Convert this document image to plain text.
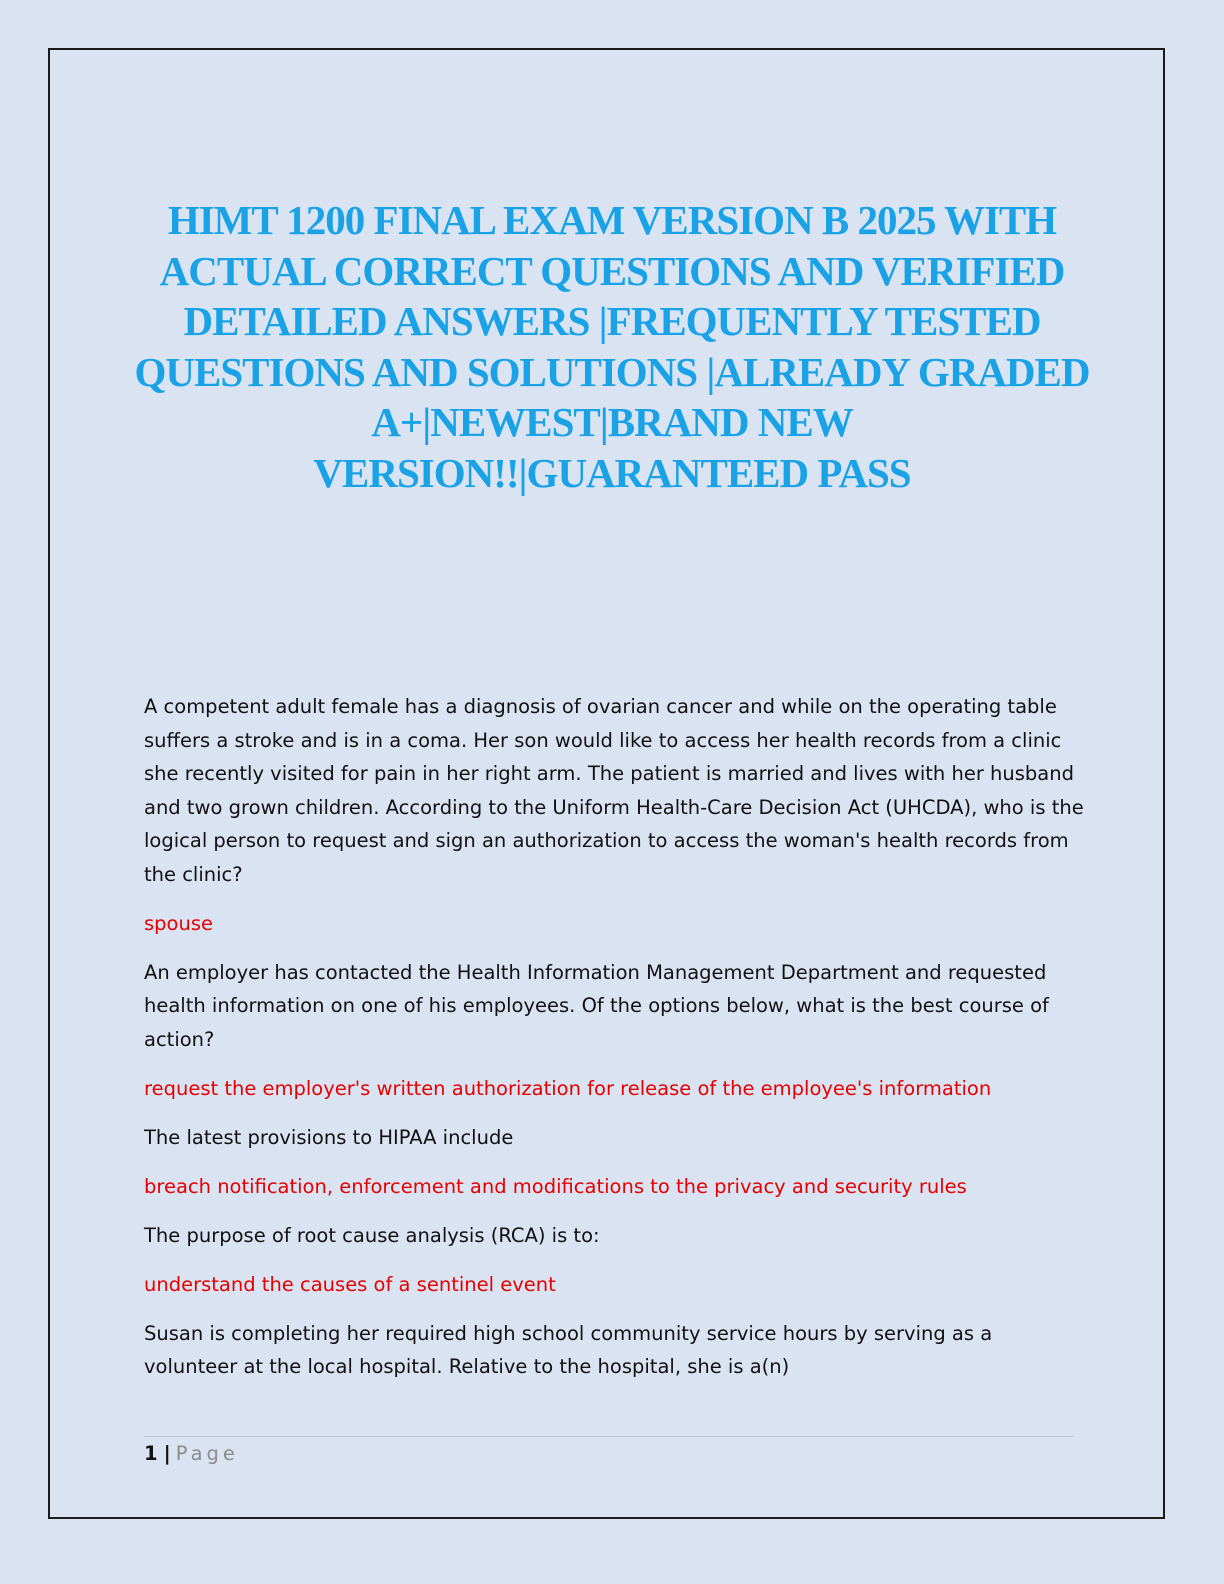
HIMT 1200 FINAL EXAM VERSION B 2025 WITH ACTUAL CORRECT QUESTIONS AND VERIFIED DETAILED ANSWERS |FREQUENTLY TESTED QUESTIONS AND SOLUTIONS |ALREADY GRADED A+|NEWEST|BRAND NEW VERSION!!|GUARANTEED PASS

A competent adult female has a diagnosis of ovarian cancer and while on the operating table suffers a stroke and is in a coma. Her son would like to access her health records from a clinic she recently visited for pain in her right arm. The patient is married and lives with her husband and two grown children. According to the Uniform Health-Care Decision Act (UHCDA), who is the logical person to request and sign an authorization to access the woman's health records from the clinic?

spouse

An employer has contacted the Health Information Management Department and requested health information on one of his employees. Of the options below, what is the best course of action?

request the employer's written authorization for release of the employee's information

The latest provisions to HIPAA include

breach notification, enforcement and modifications to the privacy and security rules

The purpose of root cause analysis (RCA) is to:

understand the causes of a sentinel event

Susan is completing her required high school community service hours by serving as a volunteer at the local hospital. Relative to the hospital, she is a(n)

1 | Page
